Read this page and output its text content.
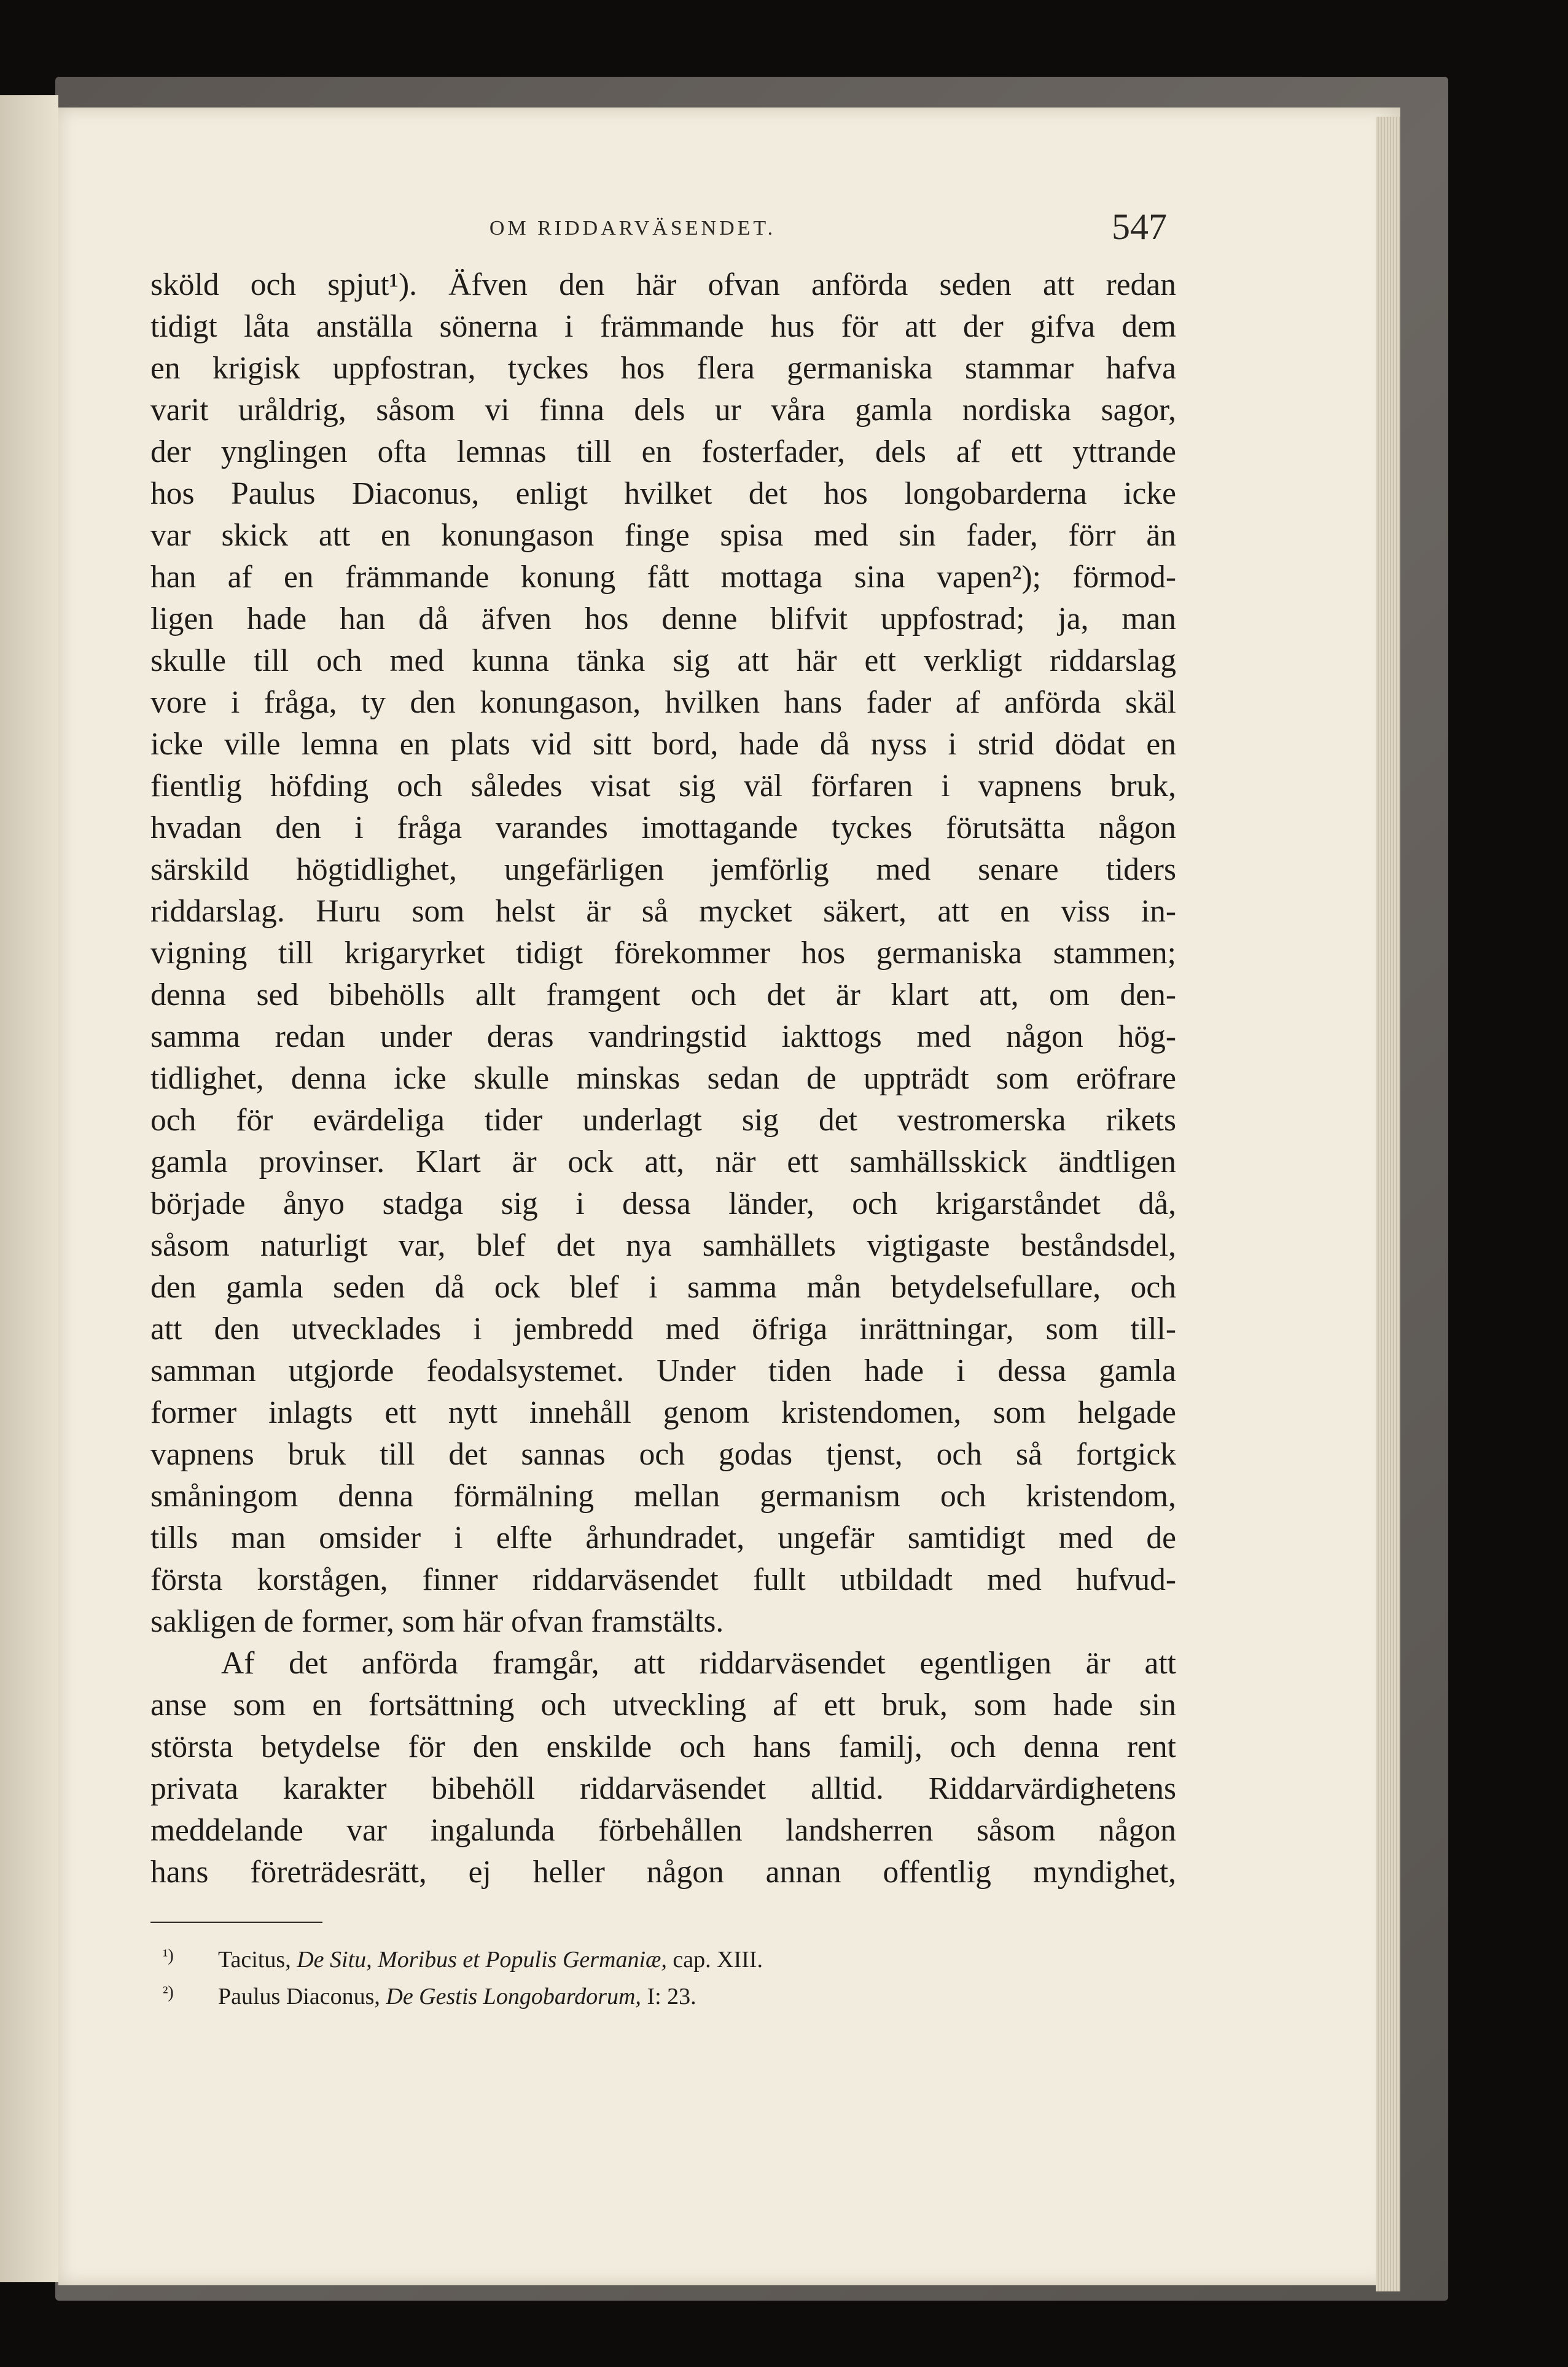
OM RIDDARVÄSENDET.	547
sköld och spjut¹). Äfven den här ofvan anförda seden att redan
tidigt låta anställa sönerna i främmande hus för att der gifva dem
en krigisk uppfostran, tyckes hos flera germaniska stammar hafva
varit uråldrig, såsom vi finna dels ur våra gamla nordiska sagor,
der ynglingen ofta lemnas till en fosterfader, dels af ett yttrande
hos Paulus Diaconus, enligt hvilket det hos longobarderna icke
var skick att en konungason finge spisa med sin fader, förr än
han af en främmande konung fått mottaga sina vapen²); förmod-
ligen hade han då äfven hos denne blifvit uppfostrad; ja, man
skulle till och med kunna tänka sig att här ett verkligt riddarslag
vore i fråga, ty den konungason, hvilken hans fader af anförda skäl
icke ville lemna en plats vid sitt bord, hade då nyss i strid dödat en
fientlig höfding och således visat sig väl förfaren i vapnens bruk,
hvadan den i fråga varandes imottagande tyckes förutsätta någon
särskild högtidlighet, ungefärligen jemförlig med senare tiders
riddarslag. Huru som helst är så mycket säkert, att en viss in-
vigning till krigaryrket tidigt förekommer hos germaniska stammen;
denna sed bibehölls allt framgent och det är klart att, om den-
samma redan under deras vandringstid iakttogs med någon hög-
tidlighet, denna icke skulle minskas sedan de uppträdt som eröfrare
och för evärdeliga tider underlagt sig det vestromerska rikets
gamla provinser. Klart är ock att, när ett samhällsskick ändtligen
började ånyo stadga sig i dessa länder, och krigarståndet då,
såsom naturligt var, blef det nya samhällets vigtigaste beståndsdel,
den gamla seden då ock blef i samma mån betydelsefullare, och
att den utvecklades i jembredd med öfriga inrättningar, som till-
samman utgjorde feodalsystemet. Under tiden hade i dessa gamla
former inlagts ett nytt innehåll genom kristendomen, som helgade
vapnens bruk till det sannas och godas tjenst, och så fortgick
småningom denna förmälning mellan germanism och kristendom,
tills man omsider i elfte århundradet, ungefär samtidigt med de
första korstågen, finner riddarväsendet fullt utbildadt med hufvud-
sakligen de former, som här ofvan framstälts.
Af det anförda framgår, att riddarväsendet egentligen är att
anse som en fortsättning och utveckling af ett bruk, som hade sin
största betydelse för den enskilde och hans familj, och denna rent
privata karakter bibehöll riddarväsendet alltid. Riddarvärdighetens
meddelande var ingalunda förbehållen landsherren såsom någon
hans företrädesrätt, ej heller någon annan offentlig myndighet,
¹) Tacitus, De Situ, Moribus et Populis Germaniæ, cap. XIII.
²) Paulus Diaconus, De Gestis Longobardorum, I: 23.
